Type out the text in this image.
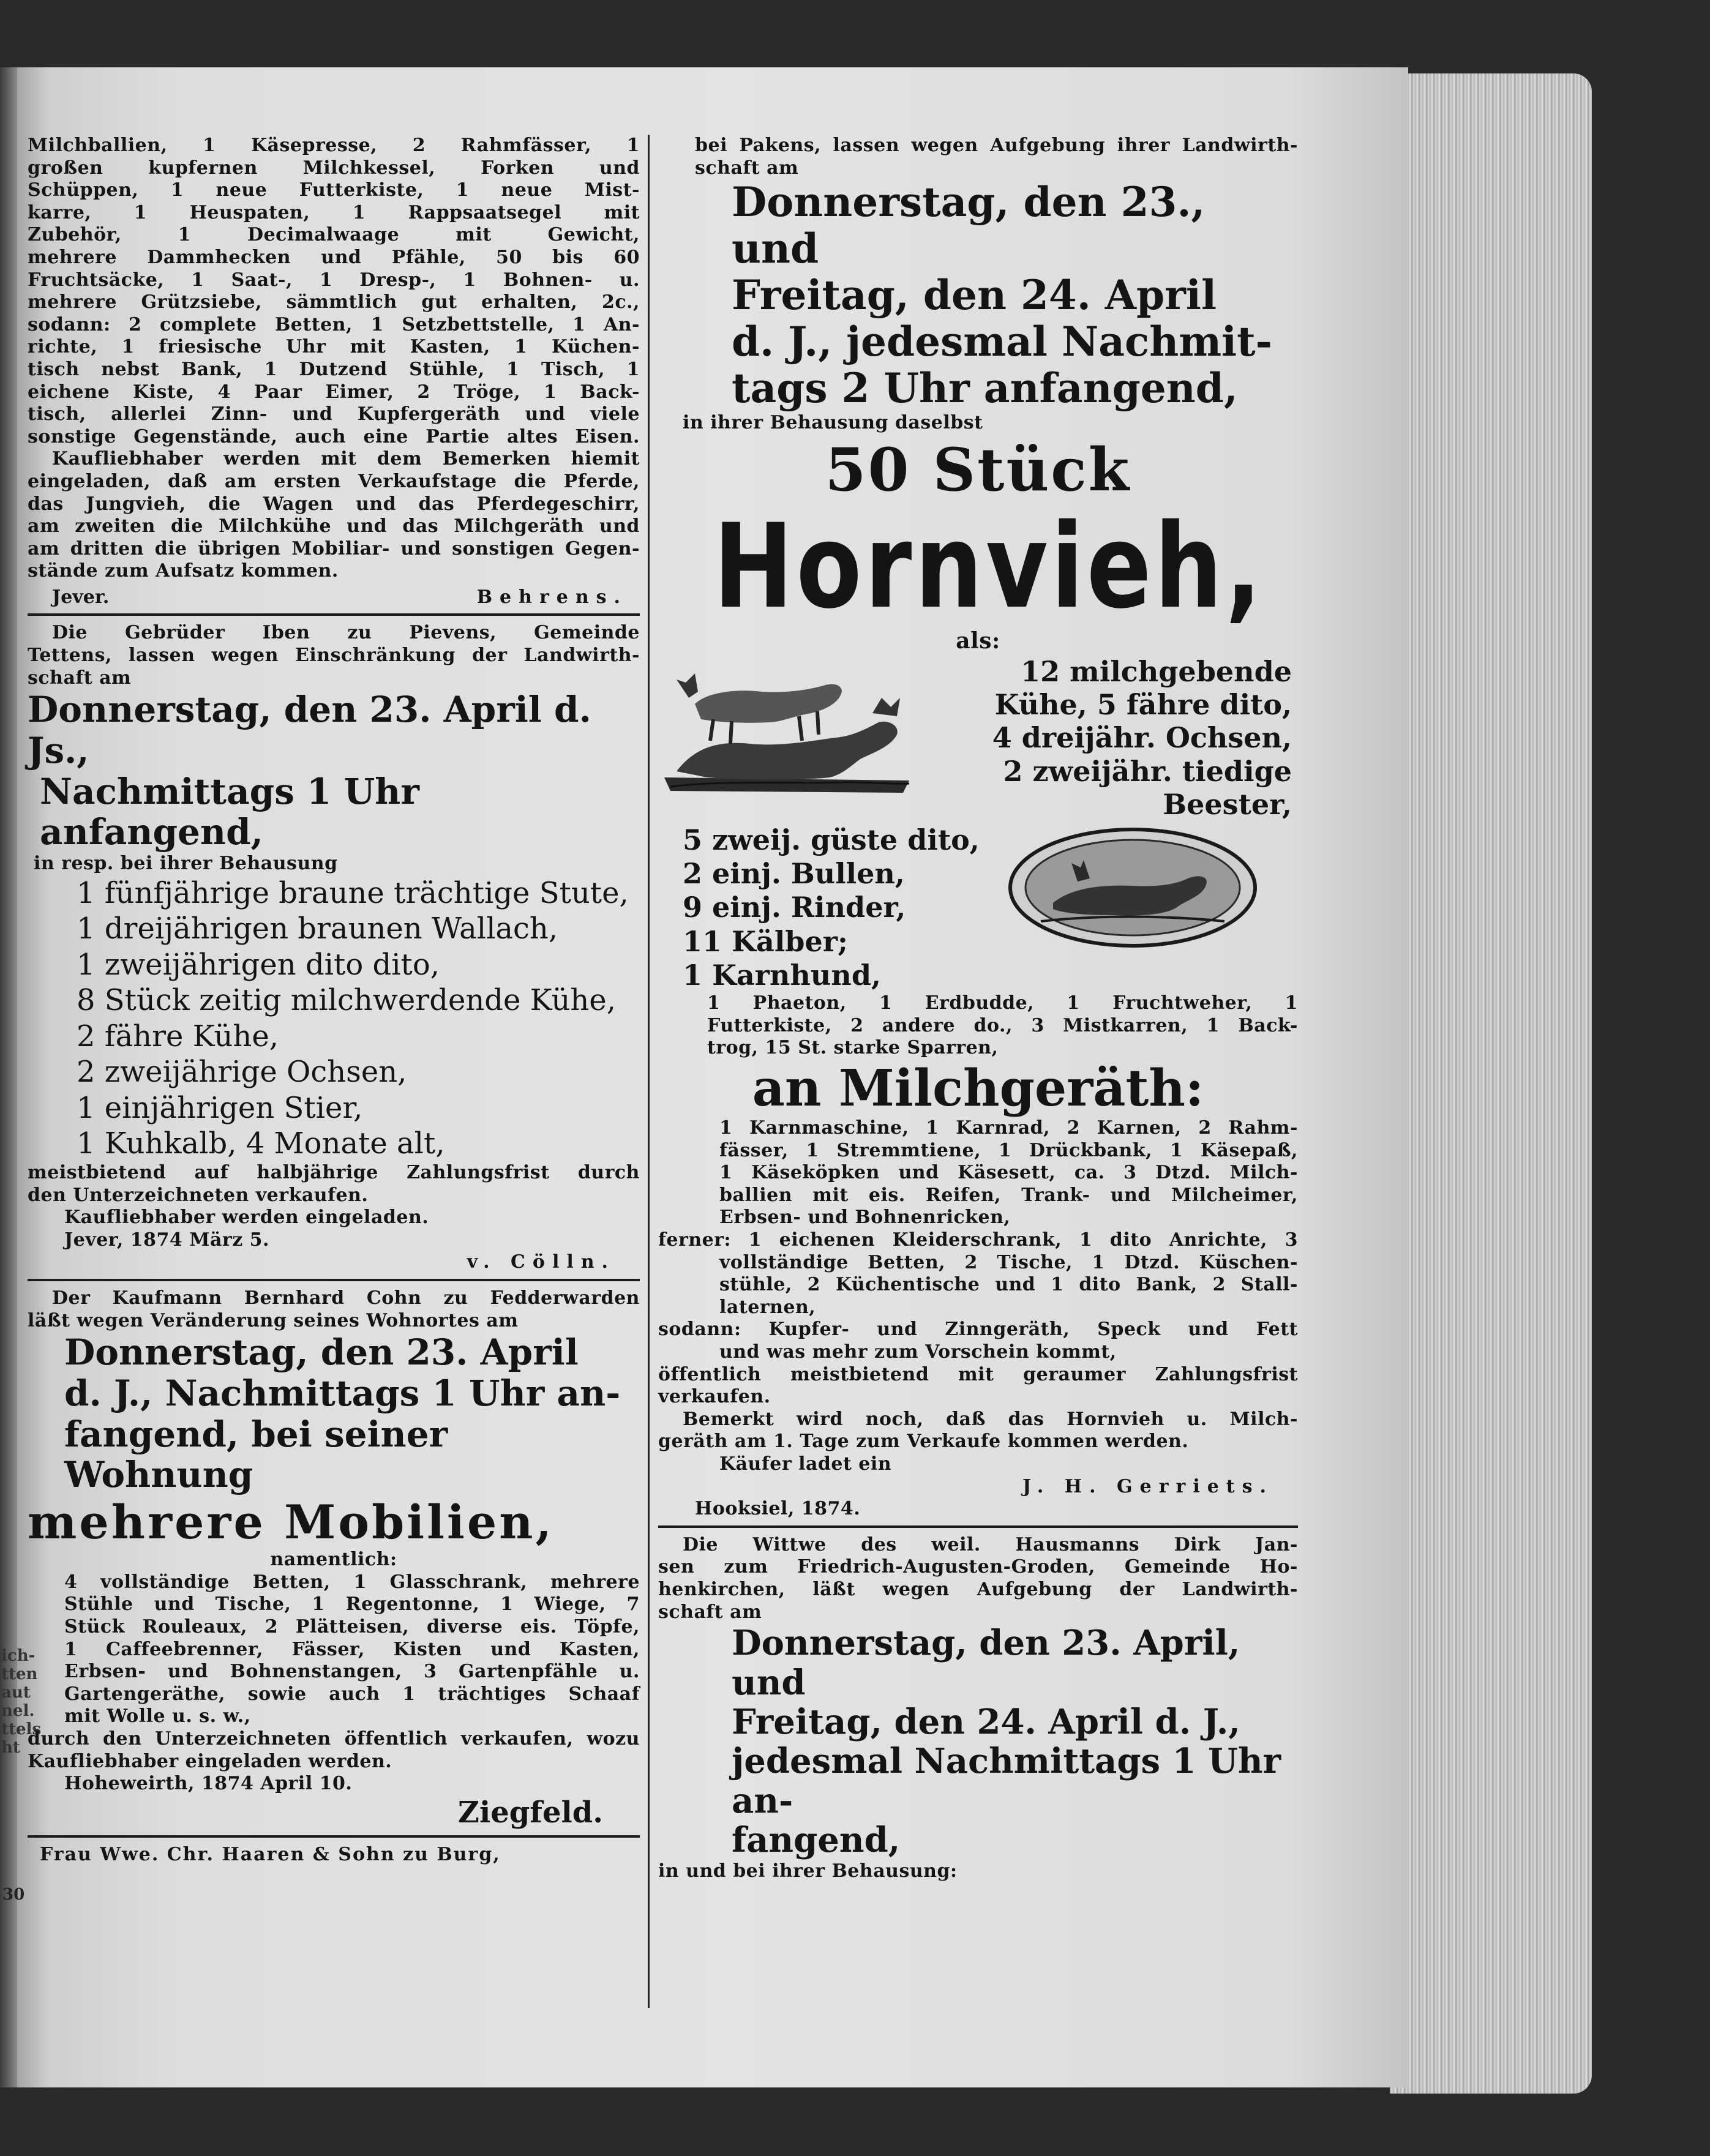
ich-
tten
aut
nel.
ttels
ht
30
Milchballien, 1 Käsepresse, 2 Rahmfässer, 1
großen kupfernen Milchkessel, Forken und
Schüppen, 1 neue Futterkiste, 1 neue Mist-
karre, 1 Heuspaten, 1 Rappsaatsegel mit
Zubehör, 1 Decimalwaage mit Gewicht,
mehrere Dammhecken und Pfähle, 50 bis 60
Fruchtsäcke, 1 Saat-, 1 Dresp-, 1 Bohnen- u.
mehrere Grützsiebe, sämmtlich gut erhalten, 2c.,
sodann: 2 complete Betten, 1 Setzbettstelle, 1 An-
richte, 1 friesische Uhr mit Kasten, 1 Küchen-
tisch nebst Bank, 1 Dutzend Stühle, 1 Tisch, 1
eichene Kiste, 4 Paar Eimer, 2 Tröge, 1 Back-
tisch, allerlei Zinn- und Kupfergeräth und viele
sonstige Gegenstände, auch eine Partie altes Eisen.
Kaufliebhaber werden mit dem Bemerken hiemit
eingeladen, daß am ersten Verkaufstage die Pferde,
das Jungvieh, die Wagen und das Pferdegeschirr,
am zweiten die Milchkühe und das Milchgeräth und
am dritten die übrigen Mobiliar- und sonstigen Gegen-
stände zum Aufsatz kommen.
Jever.	Behrens.
Die Gebrüder Iben zu Pievens, Gemeinde
Tettens, lassen wegen Einschränkung der Landwirth-
schaft am
Donnerstag, den 23. April d. Js.,
Nachmittags 1 Uhr anfangend,
in resp. bei ihrer Behausung
1 fünfjährige braune trächtige Stute,
1 dreijährigen braunen Wallach,
1 zweijährigen dito dito,
8 Stück zeitig milchwerdende Kühe,
2 fähre Kühe,
2 zweijährige Ochsen,
1 einjährigen Stier,
1 Kuhkalb, 4 Monate alt,
meistbietend auf halbjährige Zahlungsfrist durch
den Unterzeichneten verkaufen.
Kaufliebhaber werden eingeladen.
Jever, 1874 März 5.
v. Cölln.
Der Kaufmann Bernhard Cohn zu Fedderwarden
läßt wegen Veränderung seines Wohnortes am
Donnerstag, den 23. April
d. J., Nachmittags 1 Uhr an-
fangend, bei seiner Wohnung
mehrere Mobilien,
namentlich:
4 vollständige Betten, 1 Glasschrank, mehrere
Stühle und Tische, 1 Regentonne, 1 Wiege, 7
Stück Rouleaux, 2 Plätteisen, diverse eis. Töpfe,
1 Caffeebrenner, Fässer, Kisten und Kasten,
Erbsen- und Bohnenstangen, 3 Gartenpfähle u.
Gartengeräthe, sowie auch 1 trächtiges Schaaf
mit Wolle u. s. w.,
durch den Unterzeichneten öffentlich verkaufen, wozu
Kaufliebhaber eingeladen werden.
Hoheweirth, 1874 April 10.
Ziegfeld.
Frau Wwe. Chr. Haaren & Sohn zu Burg,
bei Pakens, lassen wegen Aufgebung ihrer Landwirth-
schaft am
Donnerstag, den 23., und
Freitag, den 24. April
d. J., jedesmal Nachmit-
tags 2 Uhr anfangend,
in ihrer Behausung daselbst
50 Stück
Hornvieh,
als:
12 milchgebende
Kühe, 5 fähre dito,
4 dreijähr. Ochsen,
2 zweijähr. tiedige
Beester,
5 zweij. güste dito,
2 einj. Bullen,
9 einj. Rinder,
11 Kälber;
1 Karnhund,
1 Phaeton, 1 Erdbudde, 1 Fruchtweher, 1
Futterkiste, 2 andere do., 3 Mistkarren, 1 Back-
trog, 15 St. starke Sparren,
an Milchgeräth:
1 Karnmaschine, 1 Karnrad, 2 Karnen, 2 Rahm-
fässer, 1 Stremmtiene, 1 Drückbank, 1 Käsepaß,
1 Käseköpken und Käsesett, ca. 3 Dtzd. Milch-
ballien mit eis. Reifen, Trank- und Milcheimer,
Erbsen- und Bohnenricken,
ferner: 1 eichenen Kleiderschrank, 1 dito Anrichte, 3
vollständige Betten, 2 Tische, 1 Dtzd. Küschen-
stühle, 2 Küchentische und 1 dito Bank, 2 Stall-
laternen,
sodann: Kupfer- und Zinngeräth, Speck und Fett
und was mehr zum Vorschein kommt,
öffentlich meistbietend mit geraumer Zahlungsfrist
verkaufen.
Bemerkt wird noch, daß das Hornvieh u. Milch-
geräth am 1. Tage zum Verkaufe kommen werden.
Käufer ladet ein
J. H. Gerriets.
Hooksiel, 1874.
Die Wittwe des weil. Hausmanns Dirk Jan-
sen zum Friedrich-Augusten-Groden, Gemeinde Ho-
henkirchen, läßt wegen Aufgebung der Landwirth-
schaft am
Donnerstag, den 23. April, und
Freitag, den 24. April d. J.,
jedesmal Nachmittags 1 Uhr an-
fangend,
in und bei ihrer Behausung:
